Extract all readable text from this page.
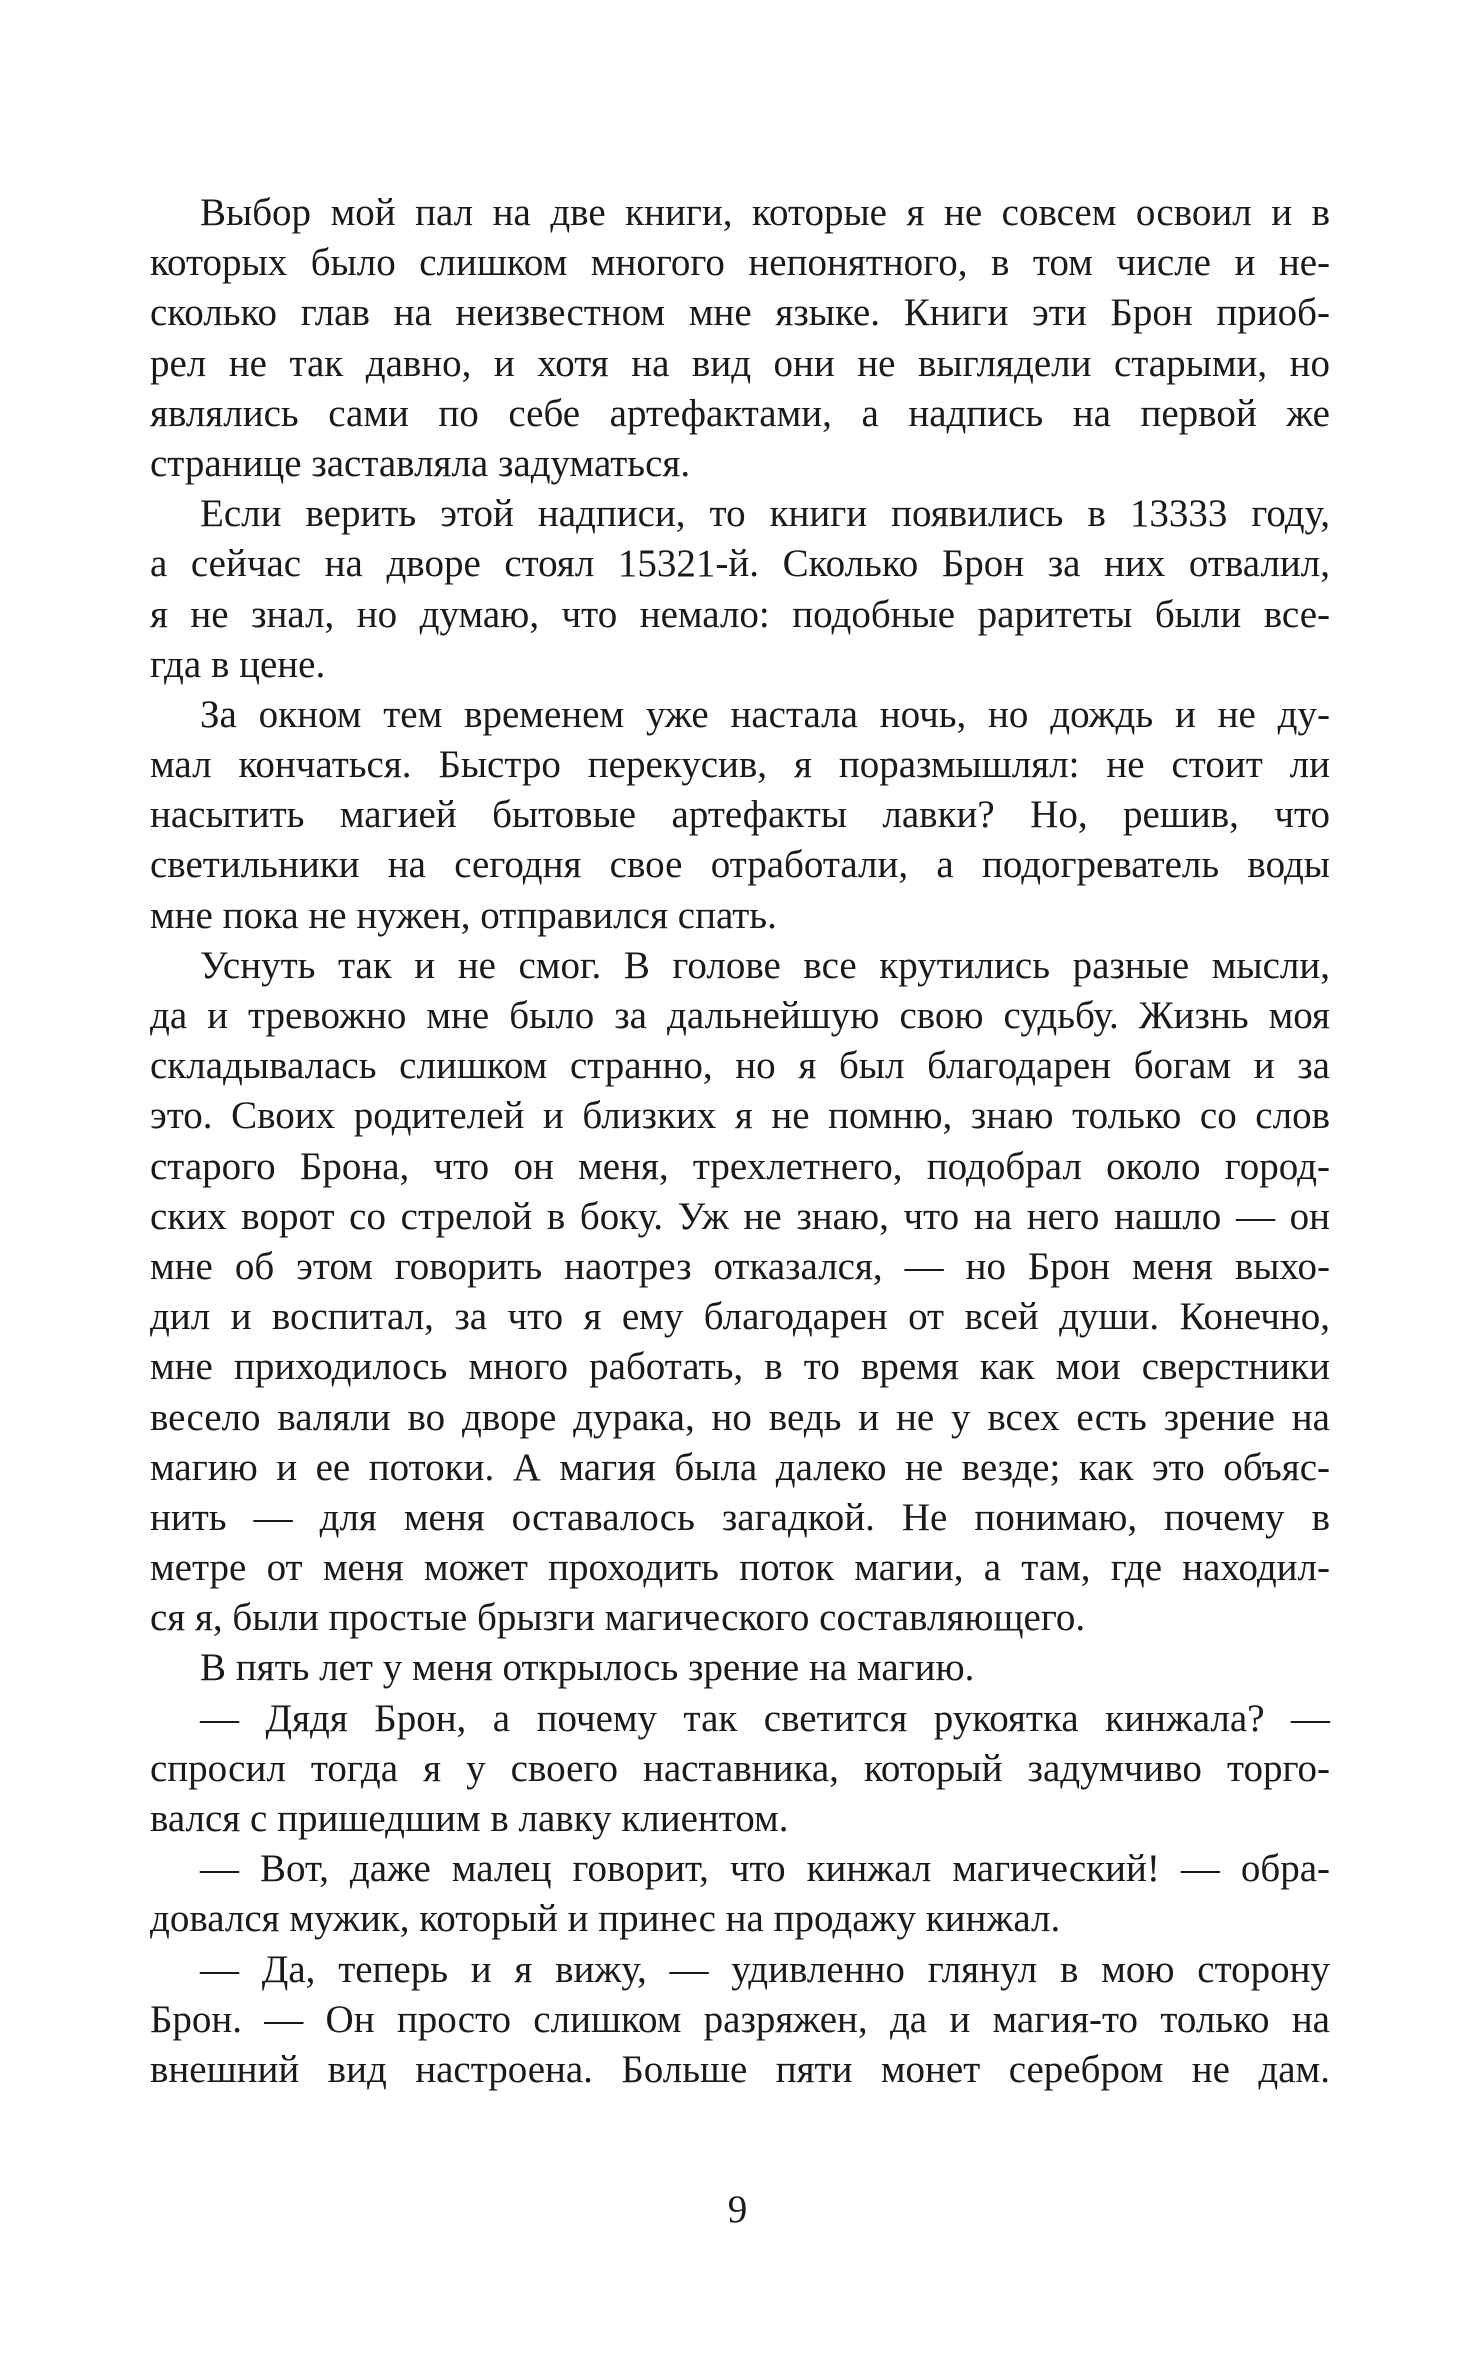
Выбор мой пал на две книги, которые я не совсем освоил и в
которых было слишком многого непонятного, в том числе и не-
сколько глав на неизвестном мне языке. Книги эти Брон приоб-
рел не так давно, и хотя на вид они не выглядели старыми, но
являлись сами по себе артефактами, а надпись на первой же
странице заставляла задуматься.
Если верить этой надписи, то книги появились в 13333 году,
а сейчас на дворе стоял 15321-й. Сколько Брон за них отвалил,
я не знал, но думаю, что немало: подобные раритеты были все-
гда в цене.
За окном тем временем уже настала ночь, но дождь и не ду-
мал кончаться. Быстро перекусив, я поразмышлял: не стоит ли
насытить магией бытовые артефакты лавки? Но, решив, что
светильники на сегодня свое отработали, а подогреватель воды
мне пока не нужен, отправился спать.
Уснуть так и не смог. В голове все крутились разные мысли,
да и тревожно мне было за дальнейшую свою судьбу. Жизнь моя
складывалась слишком странно, но я был благодарен богам и за
это. Своих родителей и близких я не помню, знаю только со слов
старого Брона, что он меня, трехлетнего, подобрал около город-
ских ворот со стрелой в боку. Уж не знаю, что на него нашло — он
мне об этом говорить наотрез отказался, — но Брон меня выхо-
дил и воспитал, за что я ему благодарен от всей души. Конечно,
мне приходилось много работать, в то время как мои сверстники
весело валяли во дворе дурака, но ведь и не у всех есть зрение на
магию и ее потоки. А магия была далеко не везде; как это объяс-
нить — для меня оставалось загадкой. Не понимаю, почему в
метре от меня может проходить поток магии, а там, где находил-
ся я, были простые брызги магического составляющего.
В пять лет у меня открылось зрение на магию.
— Дядя Брон, а почему так светится рукоятка кинжала? —
спросил тогда я у своего наставника, который задумчиво торго-
вался с пришедшим в лавку клиентом.
— Вот, даже малец говорит, что кинжал магический! — обра-
довался мужик, который и принес на продажу кинжал.
— Да, теперь и я вижу, — удивленно глянул в мою сторону
Брон. — Он просто слишком разряжен, да и магия-то только на
внешний вид настроена. Больше пяти монет серебром не дам.
9
